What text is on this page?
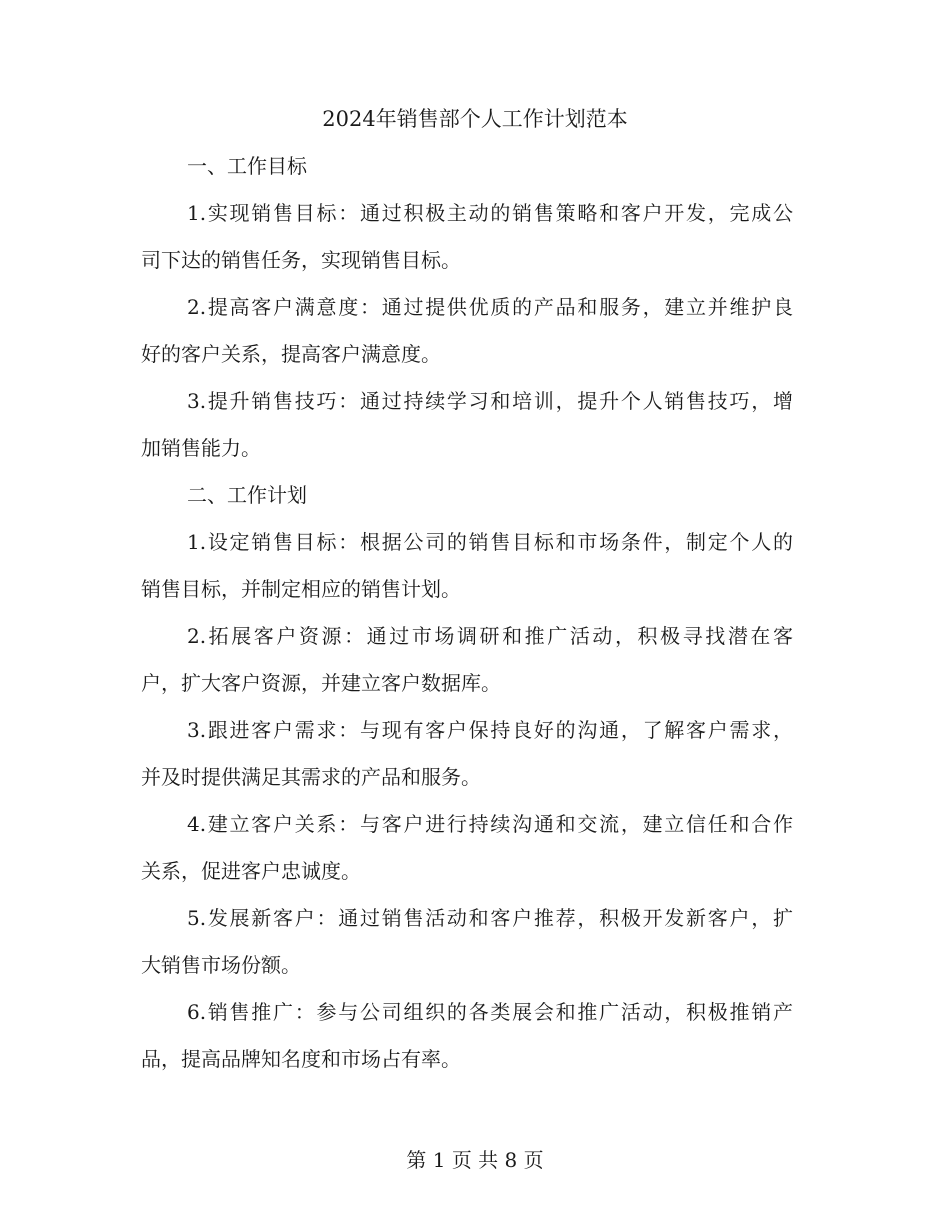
2024年销售部个人工作计划范本

一、工作目标

1.实现销售目标：通过积极主动的销售策略和客户开发，完成公

司下达的销售任务，实现销售目标。

2.提高客户满意度：通过提供优质的产品和服务，建立并维护良

好的客户关系，提高客户满意度。

3.提升销售技巧：通过持续学习和培训，提升个人销售技巧，增

加销售能力。

二、工作计划

1.设定销售目标：根据公司的销售目标和市场条件，制定个人的

销售目标，并制定相应的销售计划。

2.拓展客户资源：通过市场调研和推广活动，积极寻找潜在客

户，扩大客户资源，并建立客户数据库。

3.跟进客户需求：与现有客户保持良好的沟通，了解客户需求，

并及时提供满足其需求的产品和服务。

4.建立客户关系：与客户进行持续沟通和交流，建立信任和合作

关系，促进客户忠诚度。

5.发展新客户：通过销售活动和客户推荐，积极开发新客户，扩

大销售市场份额。

6.销售推广：参与公司组织的各类展会和推广活动，积极推销产

品，提高品牌知名度和市场占有率。

第 1 页 共 8 页
